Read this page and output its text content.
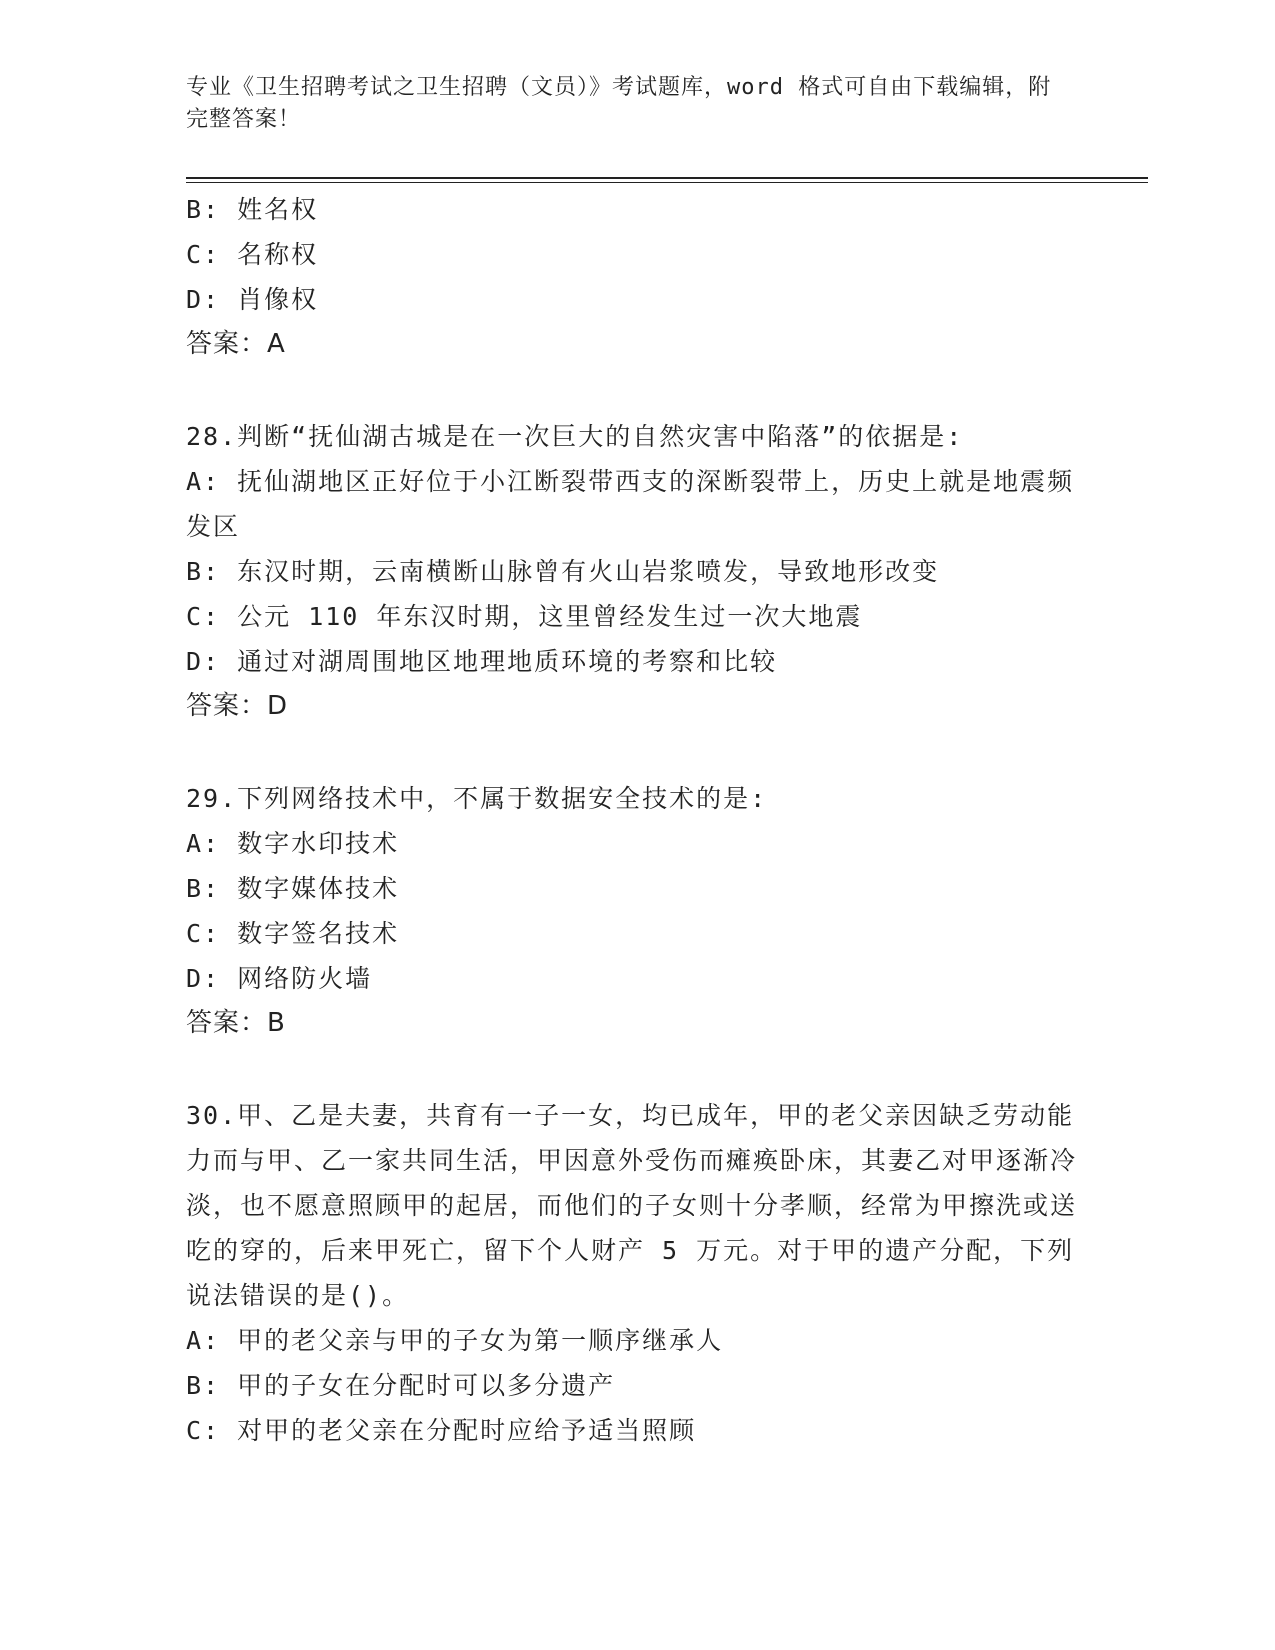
专业《卫生招聘考试之卫生招聘（文员）》考试题库，word 格式可自由下载编辑，附完整答案！
B: 姓名权
C: 名称权
D: 肖像权
答案：A
28.判断“抚仙湖古城是在一次巨大的自然灾害中陷落”的依据是:
A: 抚仙湖地区正好位于小江断裂带西支的深断裂带上，历史上就是地震频发区
B: 东汉时期，云南横断山脉曾有火山岩浆喷发，导致地形改变
C: 公元 110 年东汉时期，这里曾经发生过一次大地震
D: 通过对湖周围地区地理地质环境的考察和比较
答案：D
29.下列网络技术中，不属于数据安全技术的是:
A: 数字水印技术
B: 数字媒体技术
C: 数字签名技术
D: 网络防火墙
答案：B
30.甲、乙是夫妻，共育有一子一女，均已成年，甲的老父亲因缺乏劳动能力而与甲、乙一家共同生活，甲因意外受伤而瘫痪卧床，其妻乙对甲逐渐冷淡，也不愿意照顾甲的起居，而他们的子女则十分孝顺，经常为甲擦洗或送吃的穿的，后来甲死亡，留下个人财产 5 万元。对于甲的遗产分配，下列说法错误的是()。
A: 甲的老父亲与甲的子女为第一顺序继承人
B: 甲的子女在分配时可以多分遗产
C: 对甲的老父亲在分配时应给予适当照顾
